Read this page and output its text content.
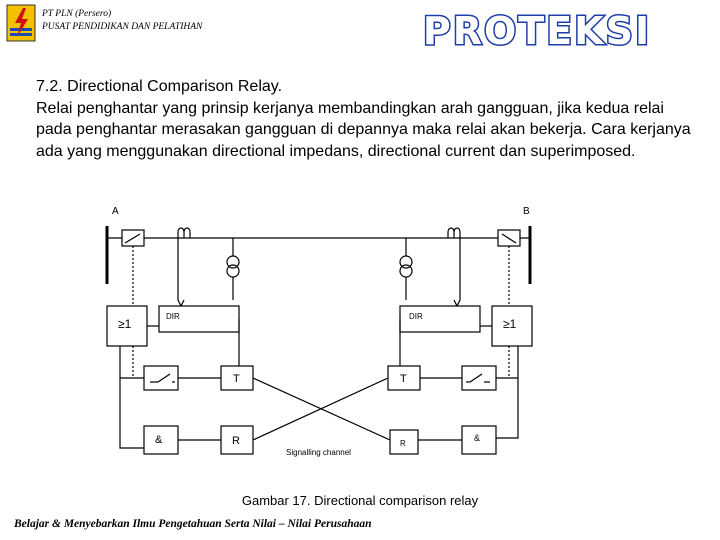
PT PLN (Persero)
PUSAT PENDIDIKAN DAN PELATIHAN	PROTEKSI

7.2. Directional Comparison Relay.

Relai penghantar yang prinsip kerjanya membandingkan arah gangguan, jika kedua relai pada penghantar merasakan gangguan di depannya maka relai akan bekerja. Cara kerjanya ada yang menggunakan directional impedans, directional current dan superimposed.

A	B
DIR	DIR
≥1	≥1
T	T
&	&
R	R
Signalling channel
Gambar 17. Directional comparison relay
Belajar & Menyebarkan Ilmu Pengetahuan Serta Nilai – Nilai Perusahaan
